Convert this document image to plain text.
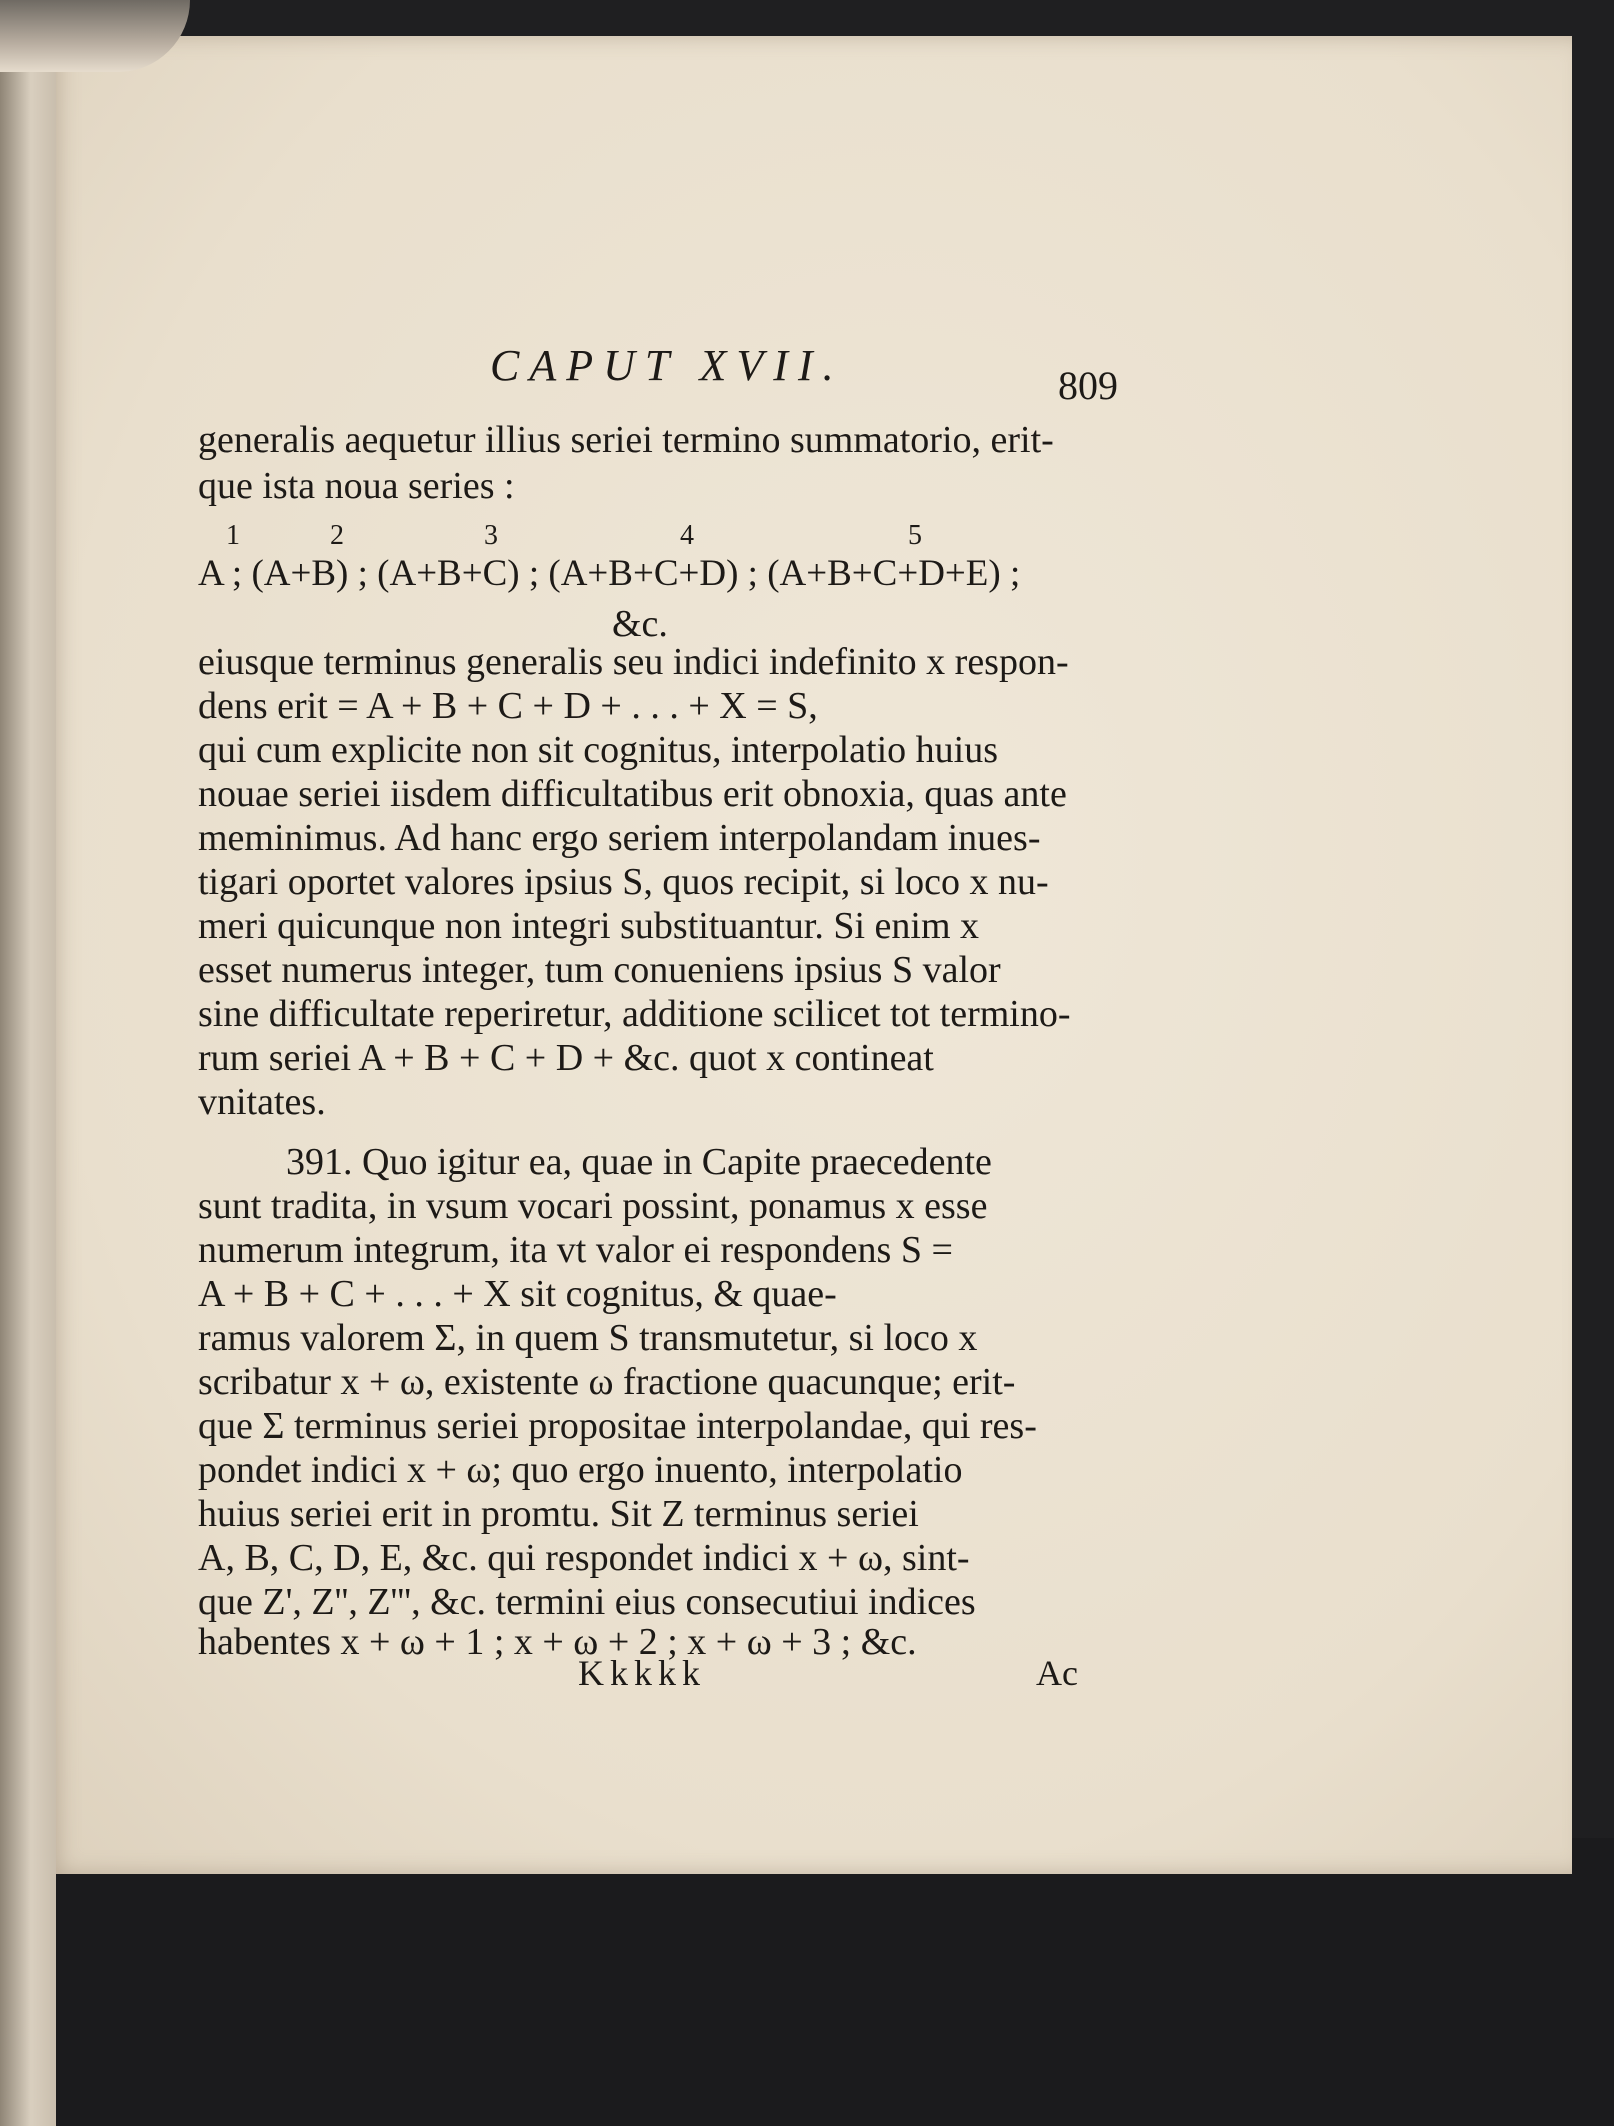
CAPUT XVII.	809
generalis aequetur illius seriei termino summatorio, erit-
que ista noua series :
1	2	3	4	5
A ; (A+B) ; (A+B+C) ; (A+B+C+D) ; (A+B+C+D+E) ;
&c.
eiusque terminus generalis seu indici indefinito x respon-
dens erit = A + B + C + D + . . . + X = S,
qui cum explicite non sit cognitus, interpolatio huius
nouae seriei iisdem difficultatibus erit obnoxia, quas ante
meminimus. Ad hanc ergo seriem interpolandam inues-
tigari oportet valores ipsius S, quos recipit, si loco x nu-
meri quicunque non integri substituantur. Si enim x
esset numerus integer, tum conueniens ipsius S valor
sine difficultate reperiretur, additione scilicet tot termino-
rum seriei A + B + C + D + &c. quot x contineat
vnitates.
391. Quo igitur ea, quae in Capite praecedente
sunt tradita, in vsum vocari possint, ponamus x esse
numerum integrum, ita vt valor ei respondens S =
A + B + C + . . . + X sit cognitus, & quae-
ramus valorem Σ, in quem S transmutetur, si loco x
scribatur x + ω, existente ω fractione quacunque; erit-
que Σ terminus seriei propositae interpolandae, qui res-
pondet indici x + ω; quo ergo inuento, interpolatio
huius seriei erit in promtu. Sit Z terminus seriei
A, B, C, D, E, &c. qui respondet indici x + ω, sint-
que Z', Z'', Z''', &c. termini eius consecutiui indices
habentes x + ω + 1 ; x + ω + 2 ; x + ω + 3 ; &c.
Kkkkk	Ac
